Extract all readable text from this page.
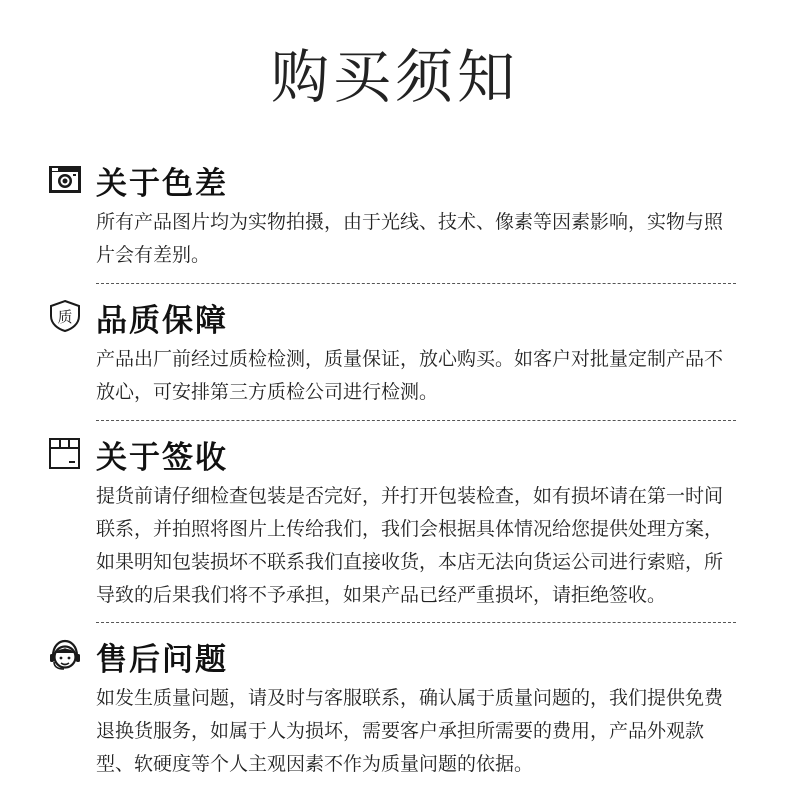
购买须知
关于色差
所有产品图片均为实物拍摄，由于光线、技术、像素等因素影响，实物与照片会有差别。
质 品质保障
产品出厂前经过质检检测，质量保证，放心购买。如客户对批量定制产品不放心，可安排第三方质检公司进行检测。
关于签收
提货前请仔细检查包装是否完好，并打开包装检查，如有损坏请在第一时间联系，并拍照将图片上传给我们，我们会根据具体情况给您提供处理方案，如果明知包装损坏不联系我们直接收货，本店无法向货运公司进行索赔，所导致的后果我们将不予承担，如果产品已经严重损坏，请拒绝签收。
售后问题
如发生质量问题，请及时与客服联系，确认属于质量问题的，我们提供免费退换货服务，如属于人为损坏，需要客户承担所需要的费用，产品外观款型、软硬度等个人主观因素不作为质量问题的依据。
